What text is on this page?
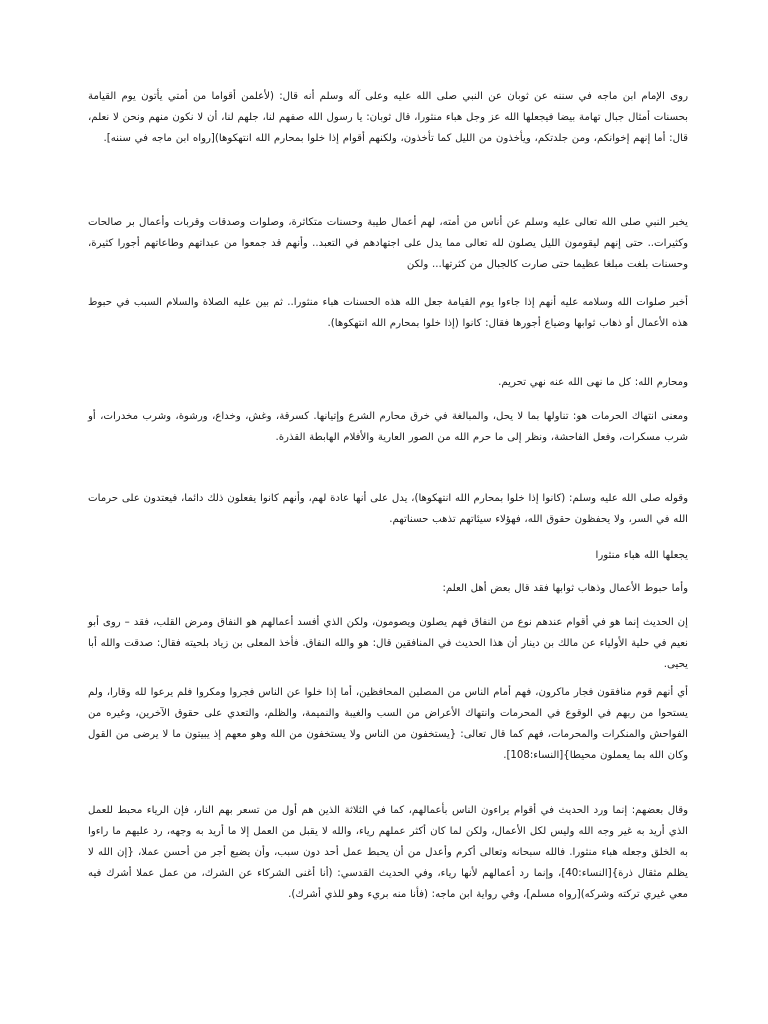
روى الإمام ابن ماجه في سننه عن ثوبان عن النبي صلى الله عليه وعلى آله وسلم أنه قال: (لأعلمن أقواما من أمتي يأتون يوم القيامة بحسنات أمثال جبال تهامة بيضا فيجعلها الله عز وجل هباء منثورا، قال ثوبان: يا رسول الله صفهم لنا، جلهم لنا، أن لا نكون منهم ونحن لا نعلم، قال: أما إنهم إخوانكم، ومن جلدتكم، ويأخذون من الليل كما تأخذون، ولكنهم أقوام إذا خلوا بمحارم الله انتهكوها)[رواه ابن ماجه في سننه].

يخبر النبي صلى الله تعالى عليه وسلم عن أناس من أمته، لهم أعمال طيبة وحسنات متكاثرة، وصلوات وصدقات وقربات وأعمال بر صالحات وكثيرات.. حتى إنهم ليقومون الليل يصلون لله تعالى مما يدل على اجتهادهم في التعبد.. وأنهم قد جمعوا من عبداتهم وطاعاتهم أجورا كثيرة، وحسنات بلغت مبلغا عظيما حتى صارت كالجبال من كثرتها... ولكن

أخبر صلوات الله وسلامه عليه أنهم إذا جاءوا يوم القيامة جعل الله هذه الحسنات هباء منثورا.. ثم بين عليه الصلاة والسلام السبب في حبوط هذه الأعمال أو ذهاب ثوابها وضياع أجورها فقال: كانوا (إذا خلوا بمحارم الله انتهكوها).

ومحارم الله: كل ما نهى الله عنه نهي تحريم.

ومعنى انتهاك الحرمات هو: تناولها بما لا يحل، والمبالغة في خرق محارم الشرع وإتيانها. كسرقة، وغش، وخداع، ورشوة، وشرب مخدرات، أو شرب مسكرات، وفعل الفاحشة، ونظر إلى ما حرم الله من الصور العارية والأفلام الهابطة القذرة.

وقوله صلى الله عليه وسلم: (كانوا إذا خلوا بمحارم الله انتهكوها)، يدل على أنها عادة لهم، وأنهم كانوا يفعلون ذلك دائما، فيعتدون على حرمات الله في السر، ولا يحفظون حقوق الله، فهؤلاء سيئاتهم تذهب حسناتهم.

يجعلها الله هباء منثورا

وأما حبوط الأعمال وذهاب ثوابها فقد قال بعض أهل العلم:

إن الحديث إنما هو في أقوام عندهم نوع من النفاق فهم يصلون ويصومون، ولكن الذي أفسد أعمالهم هو النفاق ومرض القلب، فقد – روى أبو نعيم في حلية الأولياء عن مالك بن دينار أن هذا الحديث في المنافقين قال: هو والله النفاق. فأخذ المعلى بن زياد بلحيته فقال: صدقت والله أبا يحيى.

أي أنهم قوم منافقون فجار ماكرون، فهم أمام الناس من المصلين المحافظين، أما إذا خلوا عن الناس فجروا ومكروا فلم يرعوا لله وقارا، ولم يستحوا من ربهم في الوقوع في المحرمات وانتهاك الأعراض من السب والغيبة والنميمة، والظلم، والتعدي على حقوق الآخرين، وغيره من الفواحش والمنكرات والمحرمات، فهم كما قال تعالى: {يستخفون من الناس ولا يستخفون من الله وهو معهم إذ يبيتون ما لا يرضى من القول وكان الله بما يعملون محيطا}[النساء:108].

وقال بعضهم: إنما ورد الحديث في أقوام يراءون الناس بأعمالهم، كما في الثلاثة الذين هم أول من تسعر بهم النار، فإن الرياء محبط للعمل الذي أريد به غير وجه الله وليس لكل الأعمال، ولكن لما كان أكثر عملهم رياء، والله لا يقبل من العمل إلا ما أريد به وجهه، رد عليهم ما راءوا به الخلق وجعله هباء منثورا. فالله سبحانه وتعالى أكرم وأعدل من أن يحبط عمل أحد دون سبب، وأن يضيع أجر من أحسن عملا، {إن الله لا يظلم مثقال ذرة}[النساء:40]، وإنما رد أعمالهم لأنها رياء، وفي الحديث القدسي: (أنا أغنى الشركاء عن الشرك، من عمل عملا أشرك فيه معي غيري تركته وشركه)[رواه مسلم]، وفي رواية ابن ماجه: (فأنا منه بريء وهو للذي أشرك).
